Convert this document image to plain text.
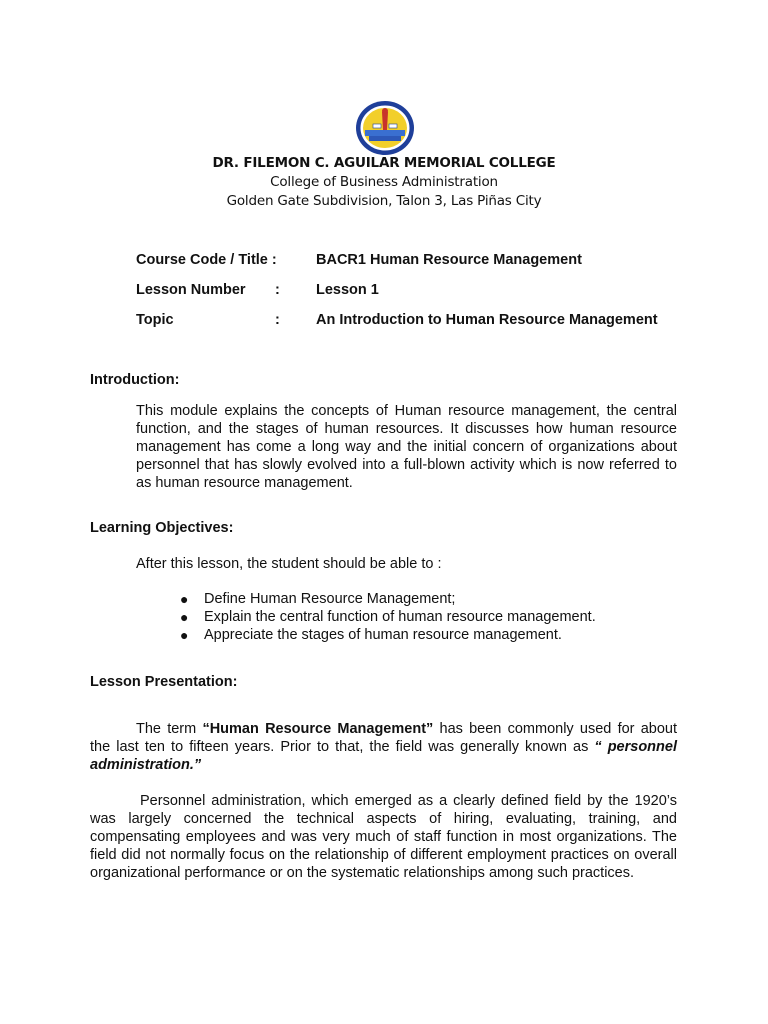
DR. FILEMON C. AGUILAR MEMORIAL COLLEGE
College of Business Administration
Golden Gate Subdivision, Talon 3, Las Piñas City
Course Code / Title :	BACR1 Human Resource Management
Lesson Number : Lesson 1
Topic	: An Introduction to Human Resource Management
Introduction:

This module explains the concepts of Human resource management, the central function, and the stages of human resources. It discusses how human resource management has come a long way and the initial concern of organizations about personnel that has slowly evolved into a full-blown activity which is now referred to as human resource management.

Learning Objectives:

After this lesson, the student should be able to :

● Define Human Resource Management;
● Explain the central function of human resource management.
● Appreciate the stages of human resource management.
Lesson Presentation:

The term “Human Resource Management” has been commonly used for about the last ten to fifteen years. Prior to that, the field was generally known as “ personnel administration.”

Personnel administration, which emerged as a clearly defined field by the 1920’s was largely concerned the technical aspects of hiring, evaluating, training, and compensating employees and was very much of staff function in most organizations. The field did not normally focus on the relationship of different employment practices on overall organizational performance or on the systematic relationships among such practices.
